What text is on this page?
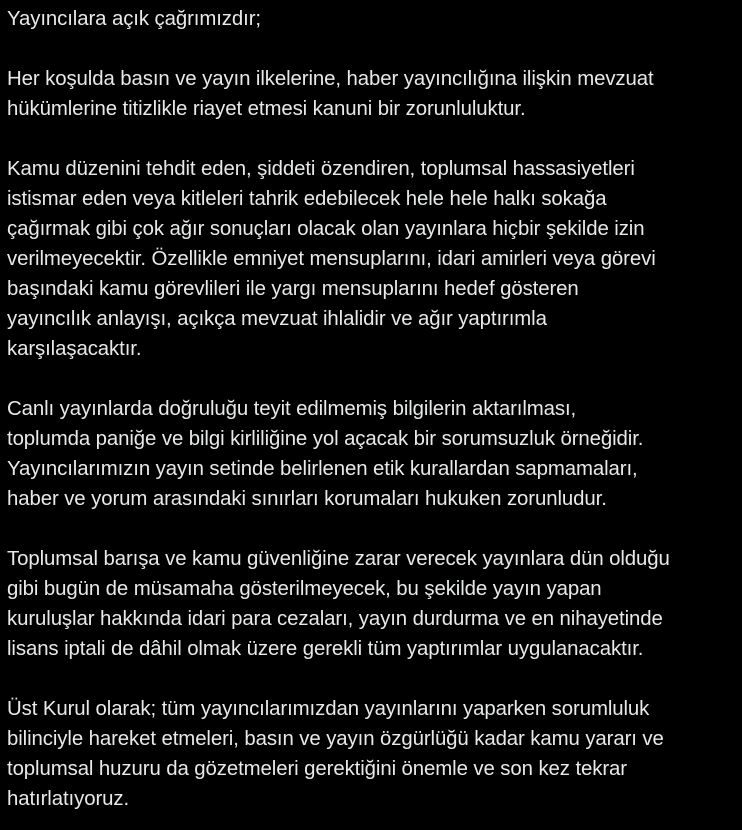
Yayıncılara açık çağrımızdır;
Her koşulda basın ve yayın ilkelerine, haber yayıncılığına ilişkin mevzuat
hükümlerine titizlikle riayet etmesi kanuni bir zorunluluktur.
Kamu düzenini tehdit eden, şiddeti özendiren, toplumsal hassasiyetleri
istismar eden veya kitleleri tahrik edebilecek hele hele halkı sokağa
çağırmak gibi çok ağır sonuçları olacak olan yayınlara hiçbir şekilde izin
verilmeyecektir. Özellikle emniyet mensuplarını, idari amirleri veya görevi
başındaki kamu görevlileri ile yargı mensuplarını hedef gösteren
yayıncılık anlayışı, açıkça mevzuat ihlalidir ve ağır yaptırımla
karşılaşacaktır.
Canlı yayınlarda doğruluğu teyit edilmemiş bilgilerin aktarılması,
toplumda paniğe ve bilgi kirliliğine yol açacak bir sorumsuzluk örneğidir.
Yayıncılarımızın yayın setinde belirlenen etik kurallardan sapmamaları,
haber ve yorum arasındaki sınırları korumaları hukuken zorunludur.
Toplumsal barışa ve kamu güvenliğine zarar verecek yayınlara dün olduğu
gibi bugün de müsamaha gösterilmeyecek, bu şekilde yayın yapan
kuruluşlar hakkında idari para cezaları, yayın durdurma ve en nihayetinde
lisans iptali de dâhil olmak üzere gerekli tüm yaptırımlar uygulanacaktır.
Üst Kurul olarak; tüm yayıncılarımızdan yayınlarını yaparken sorumluluk
bilinciyle hareket etmeleri, basın ve yayın özgürlüğü kadar kamu yararı ve
toplumsal huzuru da gözetmeleri gerektiğini önemle ve son kez tekrar
hatırlatıyoruz.
